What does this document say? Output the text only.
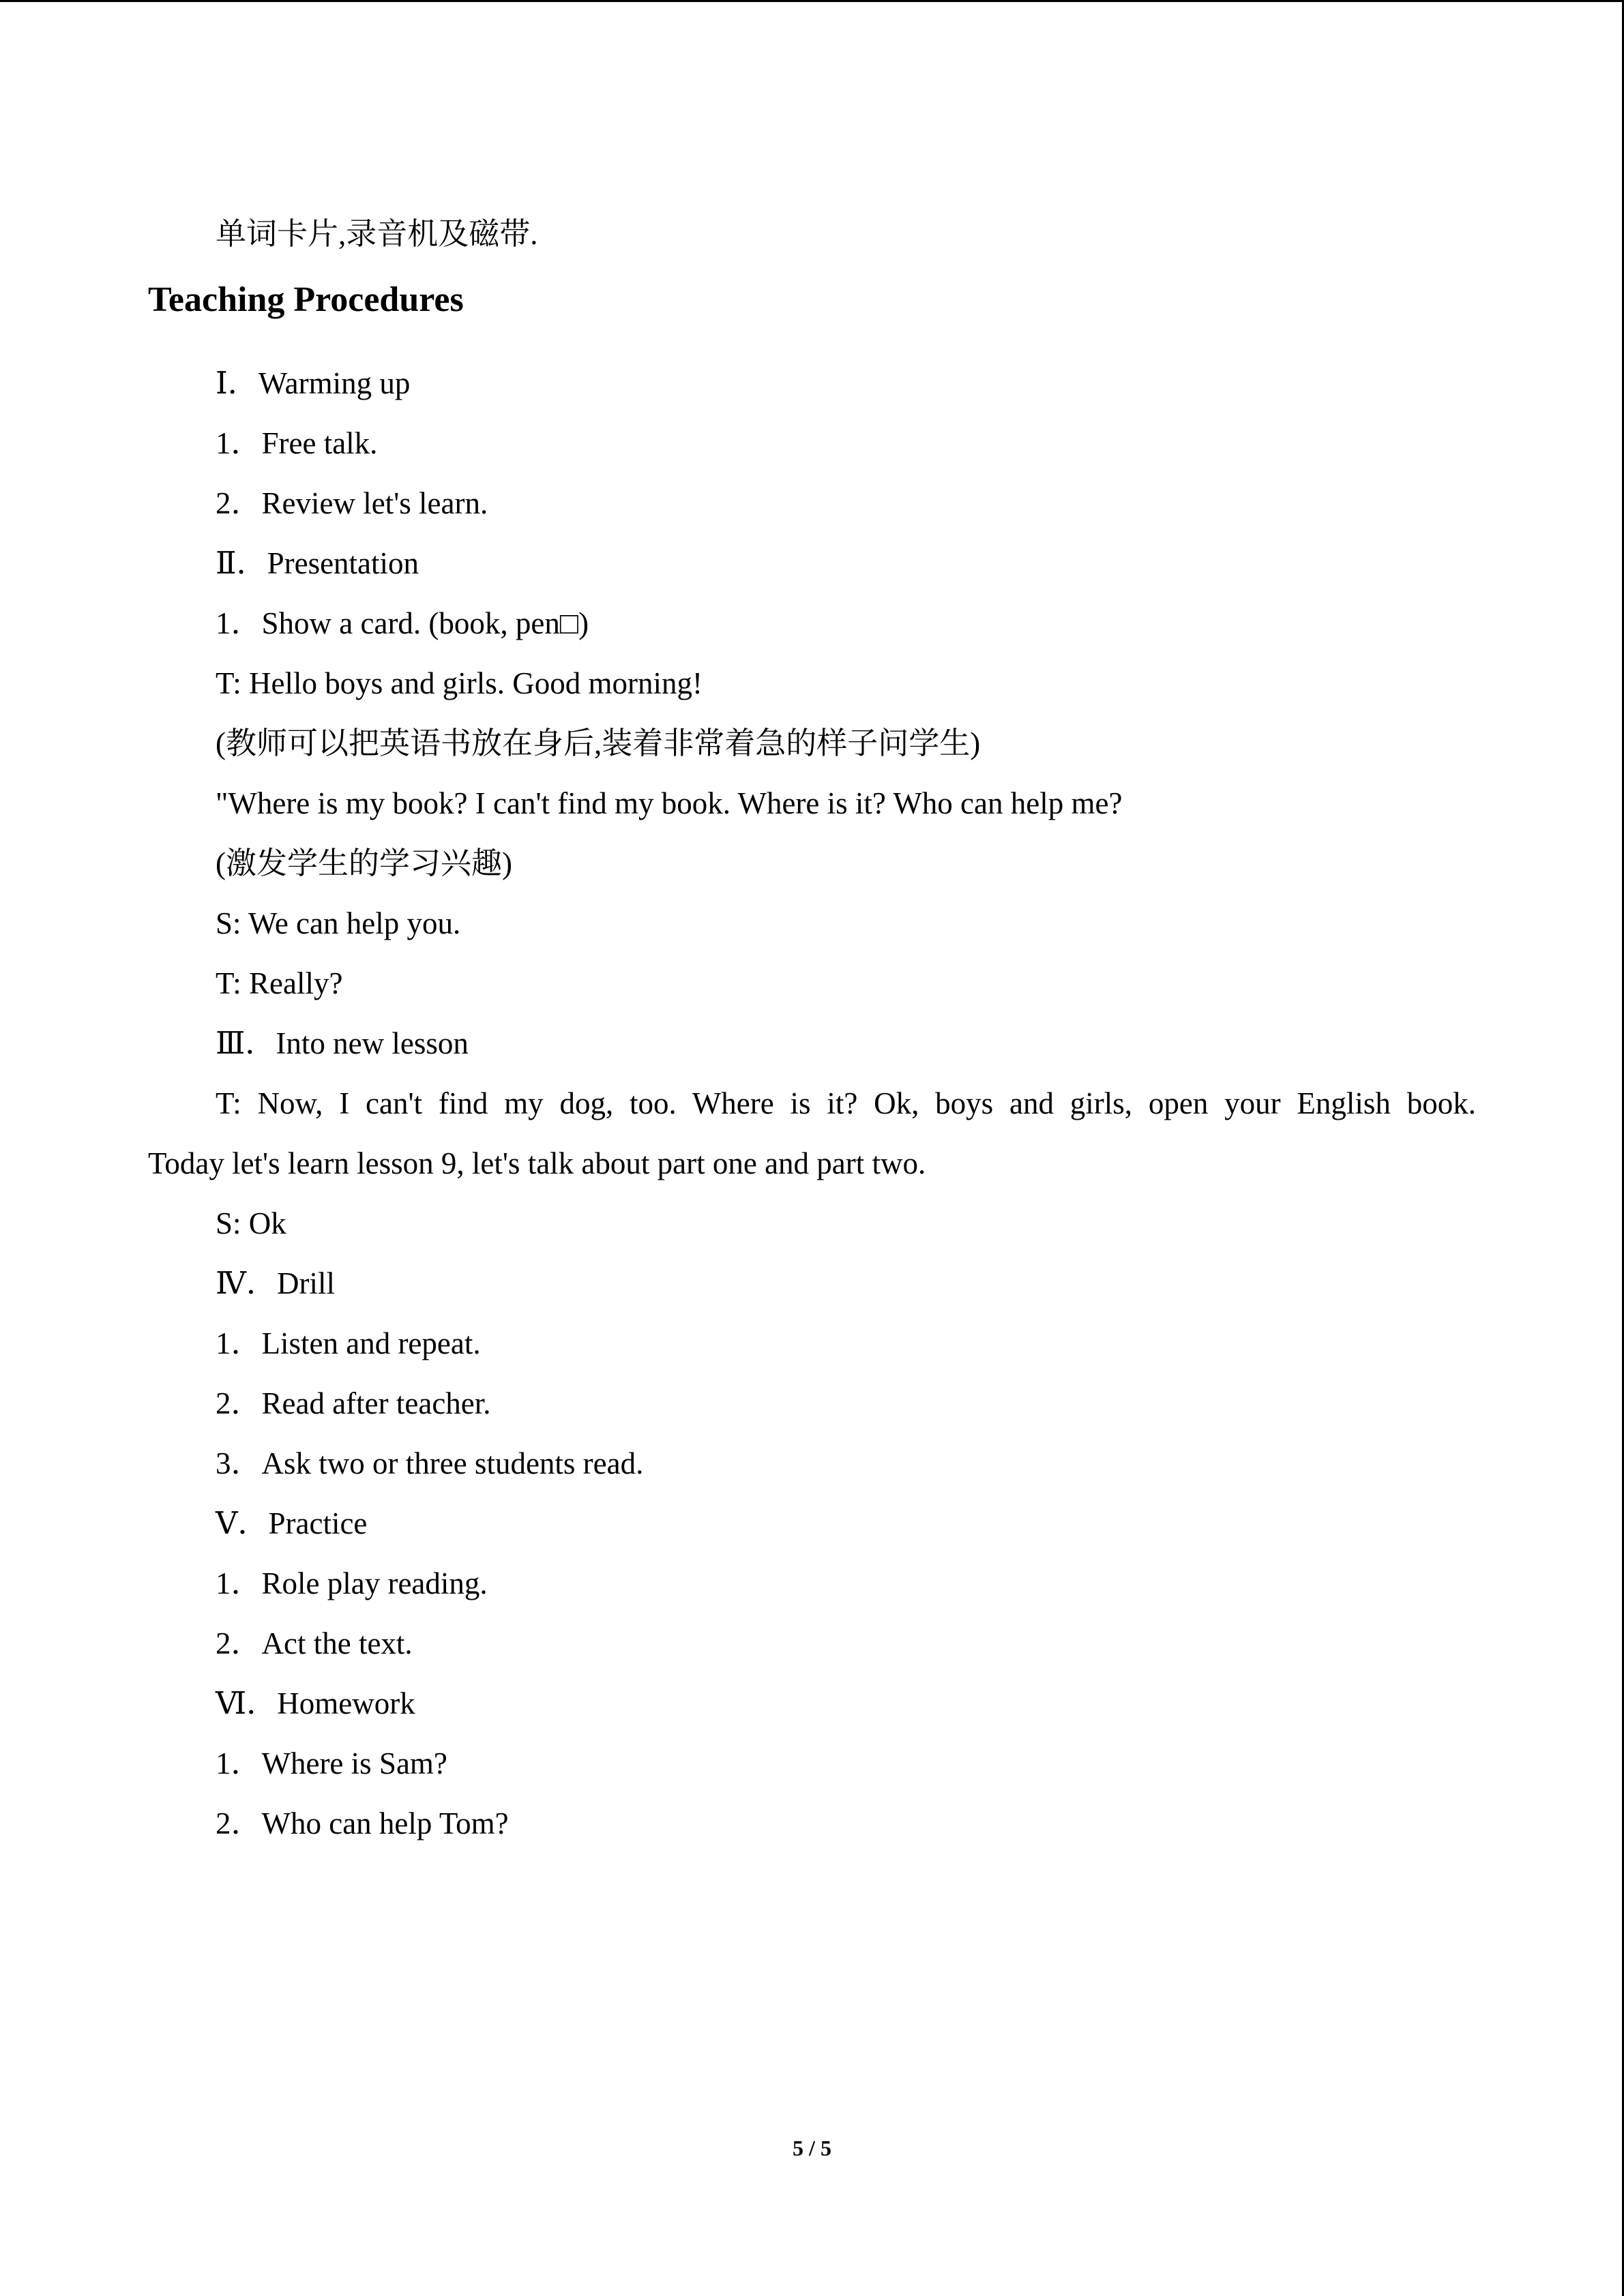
单词卡片,录音机及磁带.
Teaching Procedures
Ⅰ．Warming up
1．Free talk.
2．Review let's learn.
Ⅱ．Presentation
1．Show a card. (book, pen□)
T: Hello boys and girls. Good morning!
(教师可以把英语书放在身后,装着非常着急的样子问学生)
"Where is my book? I can't find my book. Where is it? Who can help me?
(激发学生的学习兴趣)
S: We can help you.
T: Really?
Ⅲ．Into new lesson
T: Now, I can't find my dog, too. Where is it? Ok, boys and girls, open your English book.
Today let's learn lesson 9, let's talk about part one and part two.
S: Ok
Ⅳ．Drill
1．Listen and repeat.
2．Read after teacher.
3．Ask two or three students read.
Ⅴ．Practice
1．Role play reading.
2．Act the text.
Ⅵ．Homework
1．Where is Sam?
2．Who can help Tom?
5 / 5
